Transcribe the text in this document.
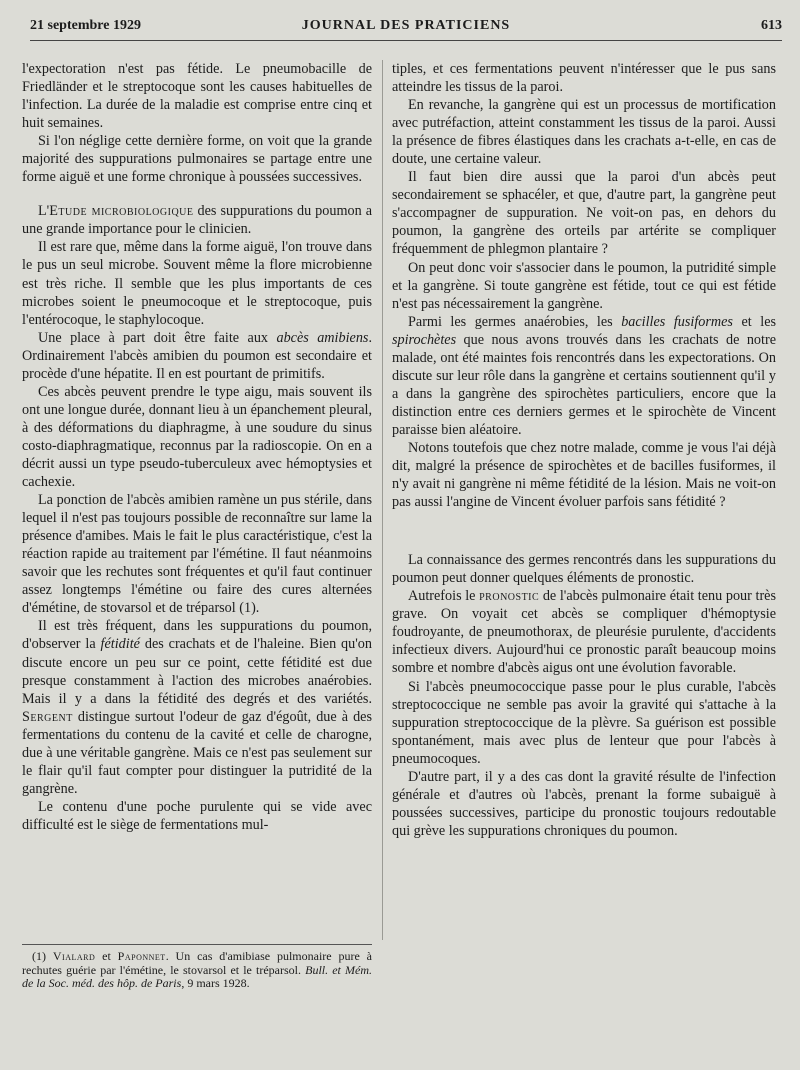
21 septembre 1929	JOURNAL DES PRATICIENS	613

l'expectoration n'est pas fétide. Le pneumobacille de Friedländer et le streptocoque sont les causes habituelles de l'infection. La durée de la maladie est comprise entre cinq et huit semaines.

Si l'on néglige cette dernière forme, on voit que la grande majorité des suppurations pulmonaires se partage entre une forme aiguë et une forme chronique à poussées successives.

L'Etude microbiologique des suppurations du poumon a une grande importance pour le clinicien.

Il est rare que, même dans la forme aiguë, l'on trouve dans le pus un seul microbe. Souvent même la flore microbienne est très riche. Il semble que les plus importants de ces microbes soient le pneumocoque et le streptocoque, puis l'entérocoque, le staphylocoque.

Une place à part doit être faite aux abcès amibiens. Ordinairement l'abcès amibien du poumon est secondaire et procède d'une hépatite. Il en est pourtant de primitifs.

Ces abcès peuvent prendre le type aigu, mais souvent ils ont une longue durée, donnant lieu à un épanchement pleural, à des déformations du diaphragme, à une soudure du sinus costo-diaphragmatique, reconnus par la radioscopie. On en a décrit aussi un type pseudo-tuberculeux avec hémoptysies et cachexie.

La ponction de l'abcès amibien ramène un pus stérile, dans lequel il n'est pas toujours possible de reconnaître sur lame la présence d'amibes. Mais le fait le plus caractéristique, c'est la réaction rapide au traitement par l'émétine. Il faut néanmoins savoir que les rechutes sont fréquentes et qu'il faut continuer assez longtemps l'émétine ou faire des cures alternées d'émétine, de stovarsol et de tréparsol (1).

Il est très fréquent, dans les suppurations du poumon, d'observer la fétidité des crachats et de l'haleine. Bien qu'on discute encore un peu sur ce point, cette fétidité est due presque constamment à l'action des microbes anaérobies. Mais il y a dans la fétidité des degrés et des variétés. Sergent distingue surtout l'odeur de gaz d'égoût, due à des fermentations du contenu de la cavité et celle de charogne, due à une véritable gangrène. Mais ce n'est pas seulement sur le flair qu'il faut compter pour distinguer la putridité de la gangrène.

Le contenu d'une poche purulente qui se vide avec difficulté est le siège de fermentations mul-

tiples, et ces fermentations peuvent n'intéresser que le pus sans atteindre les tissus de la paroi.

En revanche, la gangrène qui est un processus de mortification avec putréfaction, atteint constamment les tissus de la paroi. Aussi la présence de fibres élastiques dans les crachats a-t-elle, en cas de doute, une certaine valeur.

Il faut bien dire aussi que la paroi d'un abcès peut secondairement se sphacéler, et que, d'autre part, la gangrène peut s'accompagner de suppuration. Ne voit-on pas, en dehors du poumon, la gangrène des orteils par artérite se compliquer fréquemment de phlegmon plantaire ?

On peut donc voir s'associer dans le poumon, la putridité simple et la gangrène. Si toute gangrène est fétide, tout ce qui est fétide n'est pas nécessairement la gangrène.

Parmi les germes anaérobies, les bacilles fusiformes et les spirochètes que nous avons trouvés dans les crachats de notre malade, ont été maintes fois rencontrés dans les expectorations. On discute sur leur rôle dans la gangrène et certains soutiennent qu'il y a dans la gangrène des spirochètes particuliers, encore que la distinction entre ces derniers germes et le spirochète de Vincent paraisse bien aléatoire.

Notons toutefois que chez notre malade, comme je vous l'ai déjà dit, malgré la présence de spirochètes et de bacilles fusiformes, il n'y avait ni gangrène ni même fétidité de la lésion. Mais ne voit-on pas aussi l'angine de Vincent évoluer parfois sans fétidité ?

La connaissance des germes rencontrés dans les suppurations du poumon peut donner quelques éléments de pronostic.

Autrefois le pronostic de l'abcès pulmonaire était tenu pour très grave. On voyait cet abcès se compliquer d'hémoptysie foudroyante, de pneumothorax, de pleurésie purulente, d'accidents infectieux divers. Aujourd'hui ce pronostic paraît beaucoup moins sombre et nombre d'abcès aigus ont une évolution favorable.

Si l'abcès pneumococcique passe pour le plus curable, l'abcès streptococcique ne semble pas avoir la gravité qui s'attache à la suppuration streptococcique de la plèvre. Sa guérison est possible spontanément, mais avec plus de lenteur que pour l'abcès à pneumocoques.

D'autre part, il y a des cas dont la gravité résulte de l'infection générale et d'autres où l'abcès, prenant la forme subaiguë à poussées successives, participe du pronostic toujours redoutable qui grève les suppurations chroniques du poumon.

(1) Vialard et Paponnet. Un cas d'amibiase pulmonaire pure à rechutes guérie par l'émétine, le stovarsol et le tréparsol. Bull. et Mém. de la Soc. méd. des hôp. de Paris, 9 mars 1928.
